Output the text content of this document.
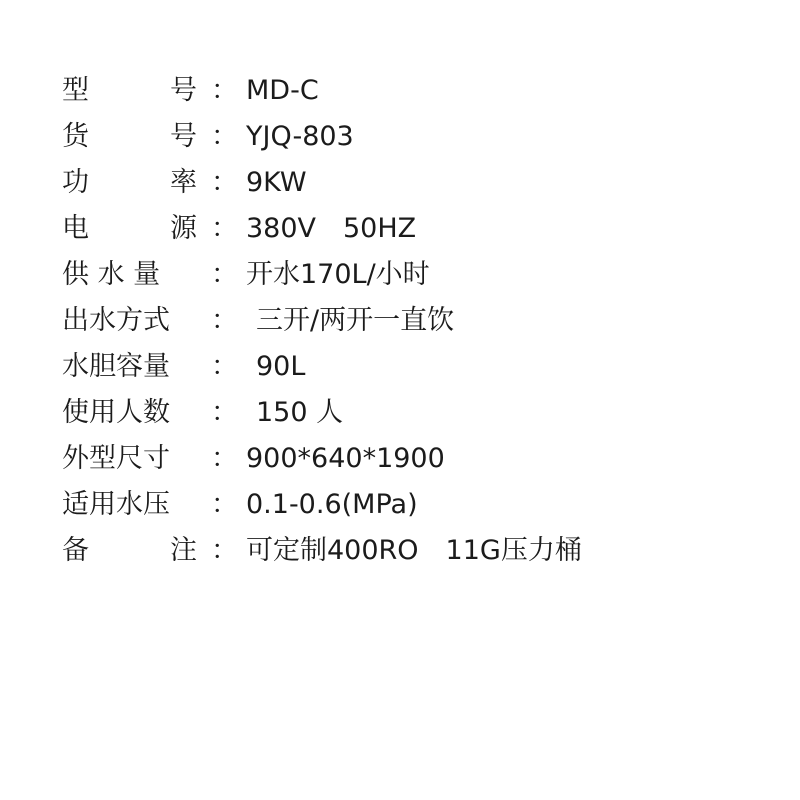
型　　　号 ： MD-C
货　　　号 ： YJQ-803
功　　　率 ： 9KW
电　　　源 ： 380V　50HZ
供 水 量 ： 开水170L/小时
出水方式 ： 三开/两开一直饮
水胆容量 ： 90L
使用人数 ： 150 人
外型尺寸 ： 900*640*1900
适用水压 ： 0.1-0.6(MPa)
备　　　注 ： 可定制400RO　11G压力桶
